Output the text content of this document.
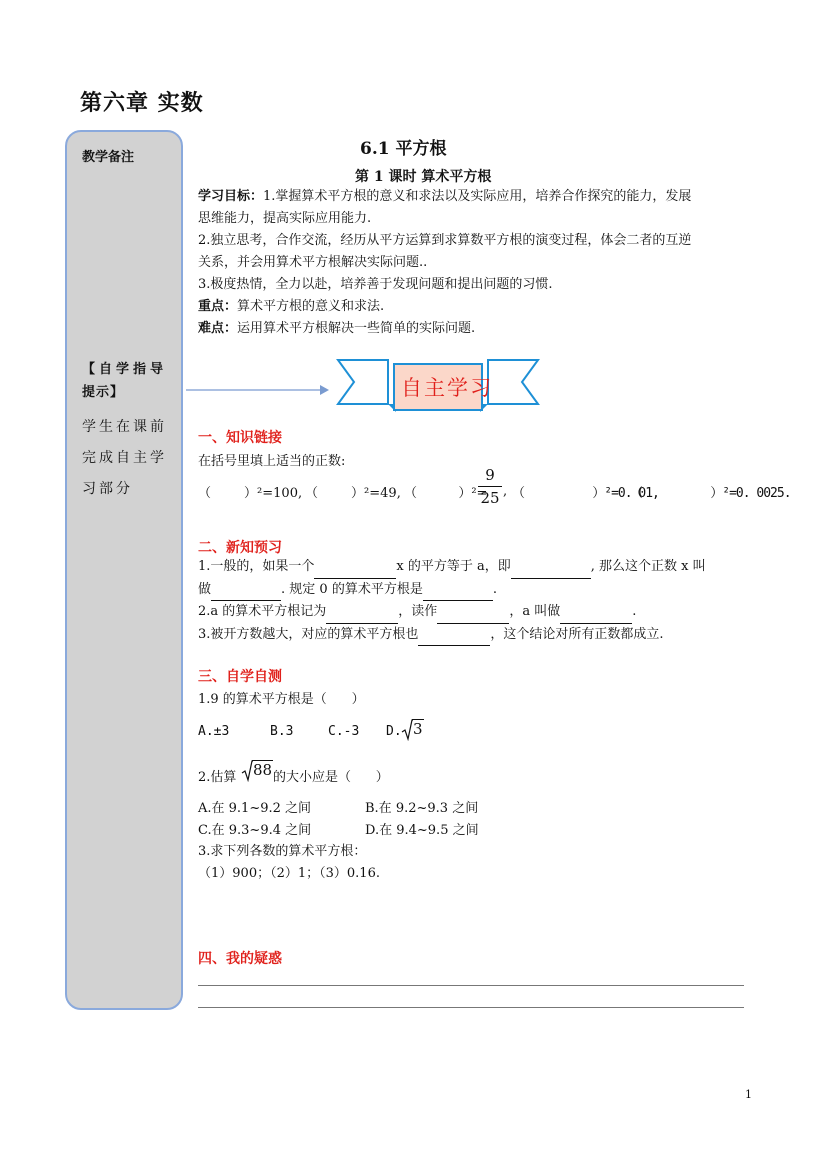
第六章 实数
教学备注
【自学指导
提示】
学生在课前
完成自主学
习部分
6.1 平方根
第 1 课时 算术平方根
学习目标：1.掌握算术平方根的意义和求法以及实际应用，培养合作探究的能力，发展
思维能力，提高实际应用能力.
2.独立思考，合作交流，经历从平方运算到求算数平方根的演变过程，体会二者的互逆
关系，并会用算术平方根解决实际问题..
3.极度热情，全力以赴，培养善于发现问题和提出问题的习惯.
重点：算术平方根的意义和求法.
难点：运用算术平方根解决一些简单的实际问题.
自主学习
一、知识链接
在括号里填上适当的正数:
（        ）²=100, （        ）²=49, （          ）²=
9
25 , （          ）²=0. 01,
（          ）²=0. 0025.
二、新知预习
1.一般的，如果一个	x 的平方等于 a，即	, 那么这个正数 x 叫
做	. 规定 0 的算术平方根是	.
2.a 的算术平方根记为	，读作	，a 叫做	.
3.被开方数越大，对应的算术平方根也	，这个结论对所有正数都成立.
三、自学自测
1.9 的算术平方根是（      ）
A.±3	B.3	C.-3 D. 3
2.估算 88 的大小应是（      ）
A.在 9.1~9.2 之间	B.在 9.2~9.3 之间
C.在 9.3~9.4 之间	D.在 9.4~9.5 之间
3.求下列各数的算术平方根：
（1）900；（2）1；（3）0.16.
四、我的疑惑
1
